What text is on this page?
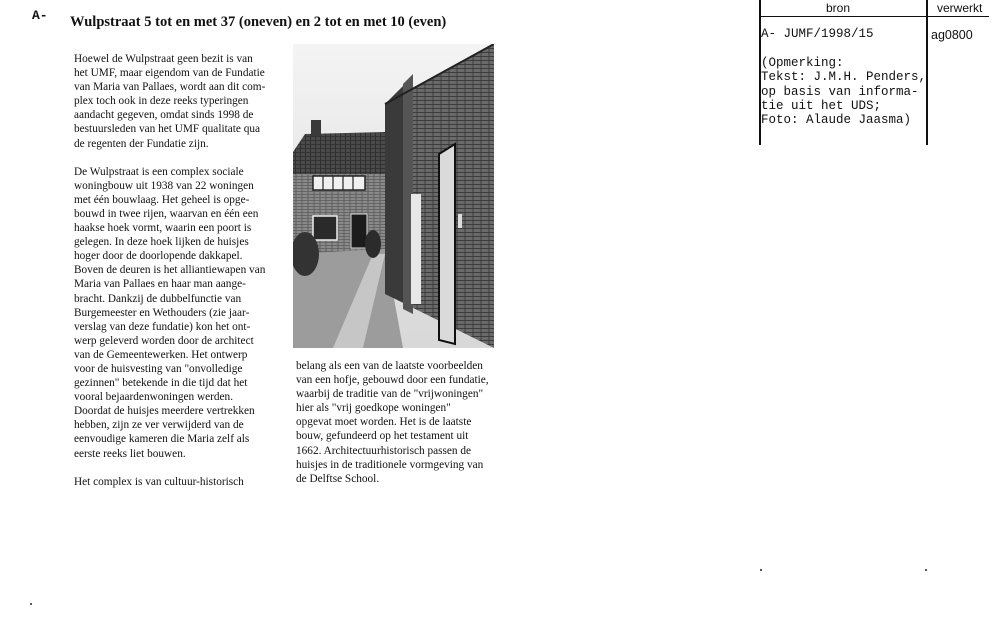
A- Wulpstraat 5 tot en met 37 (oneven) en 2 tot en met 10 (even)

Hoewel de Wulpstraat geen bezit is van
het UMF, maar eigendom van de Fundatie
van Maria van Pallaes, wordt aan dit com-
plex toch ook in deze reeks typeringen
aandacht gegeven, omdat sinds 1998 de
bestuursleden van het UMF qualitate qua
de regenten der Fundatie zijn.

De Wulpstraat is een complex sociale
woningbouw uit 1938 van 22 woningen
met één bouwlaag. Het geheel is opge-
bouwd in twee rijen, waarvan en één een
haakse hoek vormt, waarin een poort is
gelegen. In deze hoek lijken de huisjes
hoger door de doorlopende dakkapel.
Boven de deuren is het alliantiewapen van
Maria van Pallaes en haar man aange-
bracht. Dankzij de dubbelfunctie van
Burgemeester en Wethouders (zie jaar-
verslag van deze fundatie) kon het ont-
werp geleverd worden door de architect
van de Gemeentewerken. Het ontwerp
voor de huisvesting van "onvolledige
gezinnen" betekende in die tijd dat het
vooral bejaardenwoningen werden.
Doordat de huisjes meerdere vertrekken
hebben, zijn ze ver verwijderd van de
eenvoudige kameren die Maria zelf als
eerste reeks liet bouwen.

Het complex is van cultuur-historisch

belang als een van de laatste voorbeelden
van een hofje, gebouwd door een fundatie,
waarbij de traditie van de "vrijwoningen"
hier als "vrij goedkope woningen"
opgevat moet worden. Het is de laatste
bouw, gefundeerd op het testament uit
1662. Architectuurhistorisch passen de
huisjes in de traditionele vormgeving van
de Delftse School.
bron	verwerkt
A- JUMF/1998/15

(Opmerking:
Tekst: J.M.H. Penders,
op basis van informa-
tie uit het UDS;
Foto: Alaude Jaasma)
ag0800
